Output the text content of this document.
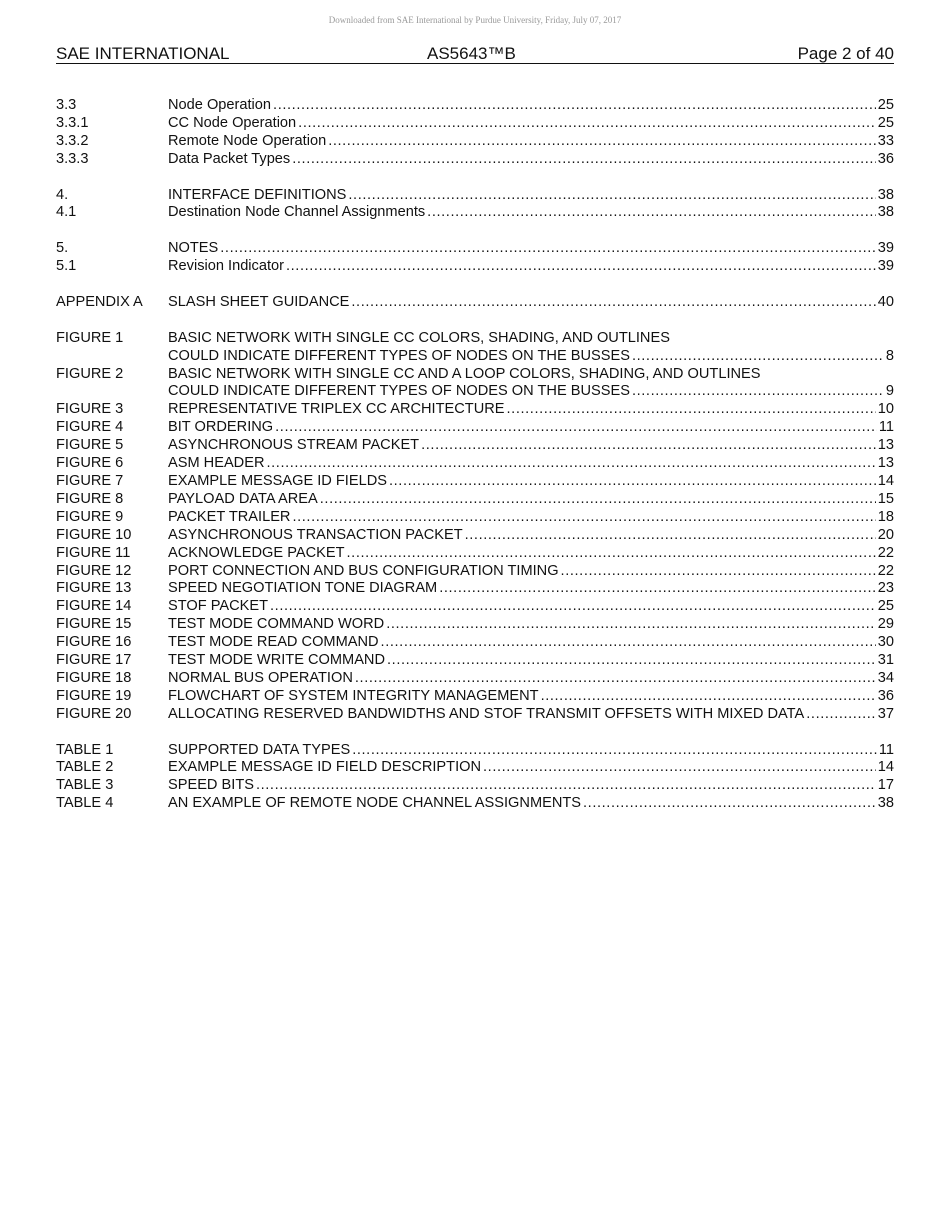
Downloaded from SAE International by Purdue University, Friday, July 07, 2017
SAE INTERNATIONAL	AS5643™B	Page 2 of 40
3.3	Node Operation .....	25
3.3.1	CC Node Operation .....	25
3.3.2	Remote Node Operation .....	33
3.3.3	Data Packet Types .....	36
4.	INTERFACE DEFINITIONS .....	38
4.1	Destination Node Channel Assignments .....	38
5.	NOTES .....	39
5.1	Revision Indicator .....	39
APPENDIX A	SLASH SHEET GUIDANCE .....	40
FIGURE 1	BASIC NETWORK WITH SINGLE CC COLORS, SHADING, AND OUTLINES
COULD INDICATE DIFFERENT TYPES OF NODES ON THE BUSSES .....	8
FIGURE 2	BASIC NETWORK WITH SINGLE CC AND A LOOP COLORS, SHADING, AND OUTLINES
COULD INDICATE DIFFERENT TYPES OF NODES ON THE BUSSES .....	9
FIGURE 3	REPRESENTATIVE TRIPLEX CC ARCHITECTURE .....	10
FIGURE 4	BIT ORDERING .....	11
FIGURE 5	ASYNCHRONOUS STREAM PACKET .....	13
FIGURE 6	ASM HEADER .....	13
FIGURE 7	EXAMPLE MESSAGE ID FIELDS .....	14
FIGURE 8	PAYLOAD DATA AREA .....	15
FIGURE 9	PACKET TRAILER .....	18
FIGURE 10	ASYNCHRONOUS TRANSACTION PACKET .....	20
FIGURE 11	ACKNOWLEDGE PACKET .....	22
FIGURE 12	PORT CONNECTION AND BUS CONFIGURATION TIMING .....	22
FIGURE 13	SPEED NEGOTIATION TONE DIAGRAM .....	23
FIGURE 14	STOF PACKET .....	25
FIGURE 15	TEST MODE COMMAND WORD .....	29
FIGURE 16	TEST MODE READ COMMAND .....	30
FIGURE 17	TEST MODE WRITE COMMAND .....	31
FIGURE 18	NORMAL BUS OPERATION .....	34
FIGURE 19	FLOWCHART OF SYSTEM INTEGRITY MANAGEMENT .....	36
FIGURE 20	ALLOCATING RESERVED BANDWIDTHS AND STOF TRANSMIT OFFSETS WITH MIXED DATA .....	37
TABLE 1	SUPPORTED DATA TYPES .....	11
TABLE 2	EXAMPLE MESSAGE ID FIELD DESCRIPTION .....	14
TABLE 3	SPEED BITS .....	17
TABLE 4	AN EXAMPLE OF REMOTE NODE CHANNEL ASSIGNMENTS .....	38
